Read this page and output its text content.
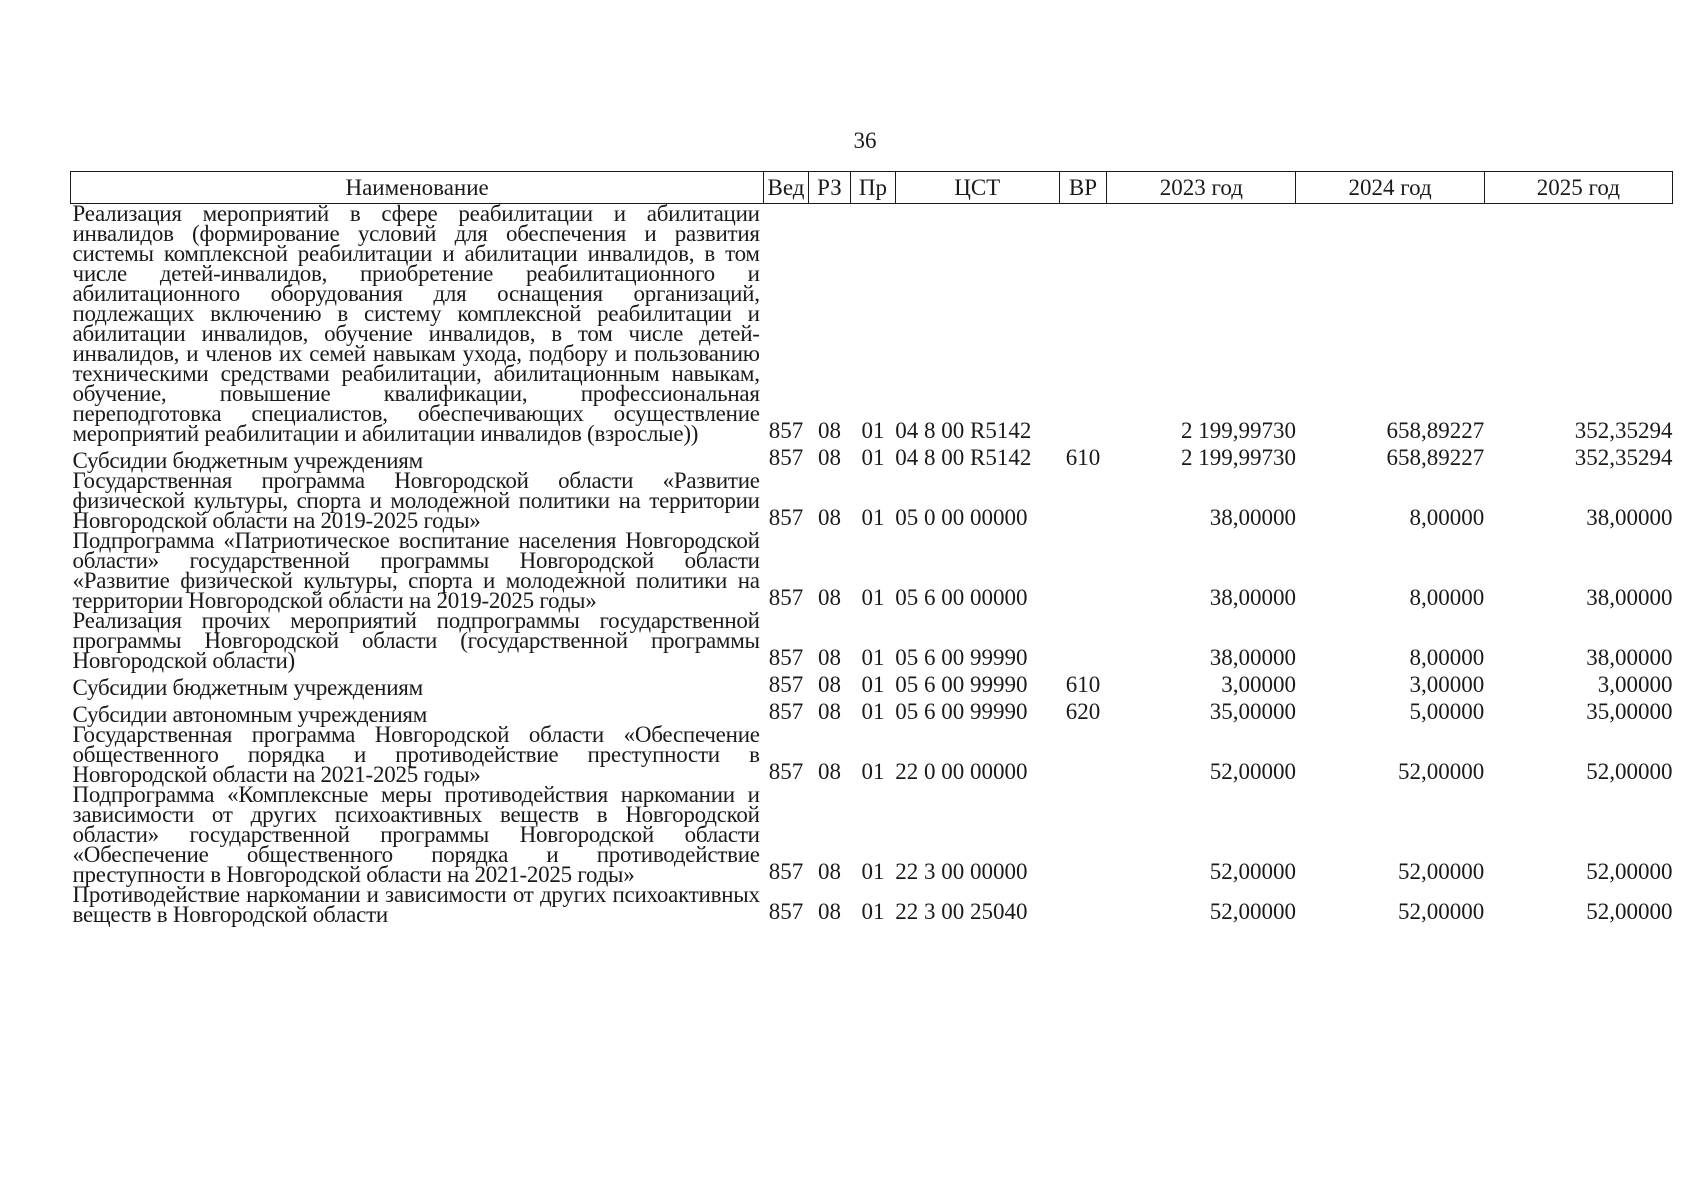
36
Наименование	Вед	РЗ	Пр	ЦСТ	ВР	2023 год	2024 год	2025 год
Реализация мероприятий в сфере реабилитации и абилитации инвалидов (формирование условий для обеспечения и развития системы комплексной реабилитации и абилитации инвалидов, в том числе детей-инвалидов, приобретение реабилитационного и абилитационного оборудования для оснащения организаций, подлежащих включению в систему комплексной реабилитации и абилитации инвалидов, обучение инвалидов, в том числе детей-инвалидов, и членов их семей навыкам ухода, подбору и пользованию техническими средствами реабилитации, абилитационным навыкам, обучение, повышение квалификации, профессиональная переподготовка специалистов, обеспечивающих осуществление мероприятий реабилитации и абилитации инвалидов (взрослые))	857	08	01	04 8 00 R5142		2 199,99730	658,89227	352,35294
Субсидии бюджетным учреждениям	857	08	01	04 8 00 R5142	610	2 199,99730	658,89227	352,35294
Государственная программа Новгородской области «Развитие физической культуры, спорта и молодежной политики на территории Новгородской области на 2019-2025 годы»	857	08	01	05 0 00 00000		38,00000	8,00000	38,00000
Подпрограмма «Патриотическое воспитание населения Новгородской области» государственной программы Новгородской области «Развитие физической культуры, спорта и молодежной политики на территории Новгородской области на 2019-2025 годы»	857	08	01	05 6 00 00000		38,00000	8,00000	38,00000
Реализация прочих мероприятий подпрограммы государственной программы Новгородской области (государственной программы Новгородской области)	857	08	01	05 6 00 99990		38,00000	8,00000	38,00000
Субсидии бюджетным учреждениям	857	08	01	05 6 00 99990	610	3,00000	3,00000	3,00000
Субсидии автономным учреждениям	857	08	01	05 6 00 99990	620	35,00000	5,00000	35,00000
Государственная программа Новгородской области «Обеспечение общественного порядка и противодействие преступности в Новгородской области на 2021-2025 годы»	857	08	01	22 0 00 00000		52,00000	52,00000	52,00000
Подпрограмма «Комплексные меры противодействия наркомании и зависимости от других психоактивных веществ в Новгородской области» государственной программы Новгородской области «Обеспечение общественного порядка и противодействие преступности в Новгородской области на 2021-2025 годы»	857	08	01	22 3 00 00000		52,00000	52,00000	52,00000
Противодействие наркомании и зависимости от других психоактивных веществ в Новгородской области	857	08	01	22 3 00 25040		52,00000	52,00000	52,00000
